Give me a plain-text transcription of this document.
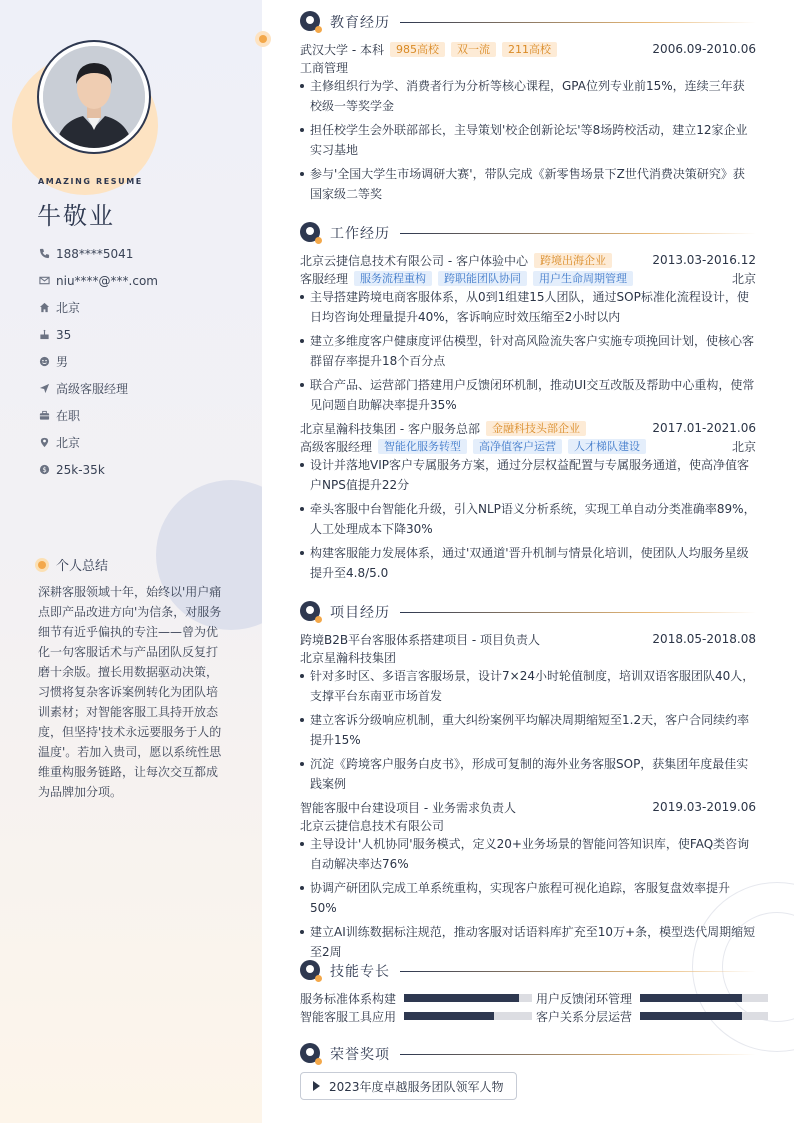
AMAZING RESUME
牛敬业
188****5041
niu****@***.com
北京
35
男
高级客服经理
在职
北京
$ 25k-35k
个人总结
深耕客服领域十年，始终以'用户痛点即产品改进方向'为信条，对服务细节有近乎偏执的专注——曾为优化一句客服话术与产品团队反复打磨十余版。擅长用数据驱动决策，习惯将复杂客诉案例转化为团队培训素材；对智能客服工具持开放态度，但坚持'技术永远要服务于人的温度'。若加入贵司，愿以系统性思维重构服务链路，让每次交互都成为品牌加分项。
教育经历
武汉大学 - 本科	985高校	双一流	211高校	2006.09-2010.06
工商管理
主修组织行为学、消费者行为分析等核心课程，GPA位列专业前15%，连续三年获校级一等奖学金
担任校学生会外联部部长，主导策划'校企创新论坛'等8场跨校活动，建立12家企业实习基地
参与'全国大学生市场调研大赛'，带队完成《新零售场景下Z世代消费决策研究》获国家级二等奖
工作经历
北京云捷信息技术有限公司 - 客户体验中心	跨境出海企业	2013.03-2016.12
客服经理	服务流程重构	跨职能团队协同	用户生命周期管理	北京
主导搭建跨境电商客服体系，从0到1组建15人团队，通过SOP标准化流程设计，使日均咨询处理量提升40%，客诉响应时效压缩至2小时以内
建立多维度客户健康度评估模型，针对高风险流失客户实施专项挽回计划，使核心客群留存率提升18个百分点
联合产品、运营部门搭建用户反馈闭环机制，推动UI交互改版及帮助中心重构，使常见问题自助解决率提升35%
北京星瀚科技集团 - 客户服务总部	金融科技头部企业	2017.01-2021.06
高级客服经理	智能化服务转型	高净值客户运营	人才梯队建设	北京
设计并落地VIP客户专属服务方案，通过分层权益配置与专属服务通道，使高净值客户NPS值提升22分
牵头客服中台智能化升级，引入NLP语义分析系统，实现工单自动分类准确率89%，人工处理成本下降30%
构建客服能力发展体系，通过'双通道'晋升机制与情景化培训，使团队人均服务星级提升至4.8/5.0
项目经历
跨境B2B平台客服体系搭建项目 - 项目负责人	2018.05-2018.08
北京星瀚科技集团
针对多时区、多语言客服场景，设计7×24小时轮值制度，培训双语客服团队40人，支撑平台东南亚市场首发
建立客诉分级响应机制，重大纠纷案例平均解决周期缩短至1.2天，客户合同续约率提升15%
沉淀《跨境客户服务白皮书》，形成可复制的海外业务客服SOP，获集团年度最佳实践案例
智能客服中台建设项目 - 业务需求负责人	2019.03-2019.06
北京云捷信息技术有限公司
主导设计'人机协同'服务模式，定义20+业务场景的智能问答知识库，使FAQ类咨询自动解决率达76%
协调产研团队完成工单系统重构，实现客户旅程可视化追踪，客服复盘效率提升50%
建立AI训练数据标注规范，推动客服对话语料库扩充至10万+条，模型迭代周期缩短至2周
技能专长
服务标准体系构建	用户反馈闭环管理
智能客服工具应用	客户关系分层运营
荣誉奖项
2023年度卓越服务团队领军人物
